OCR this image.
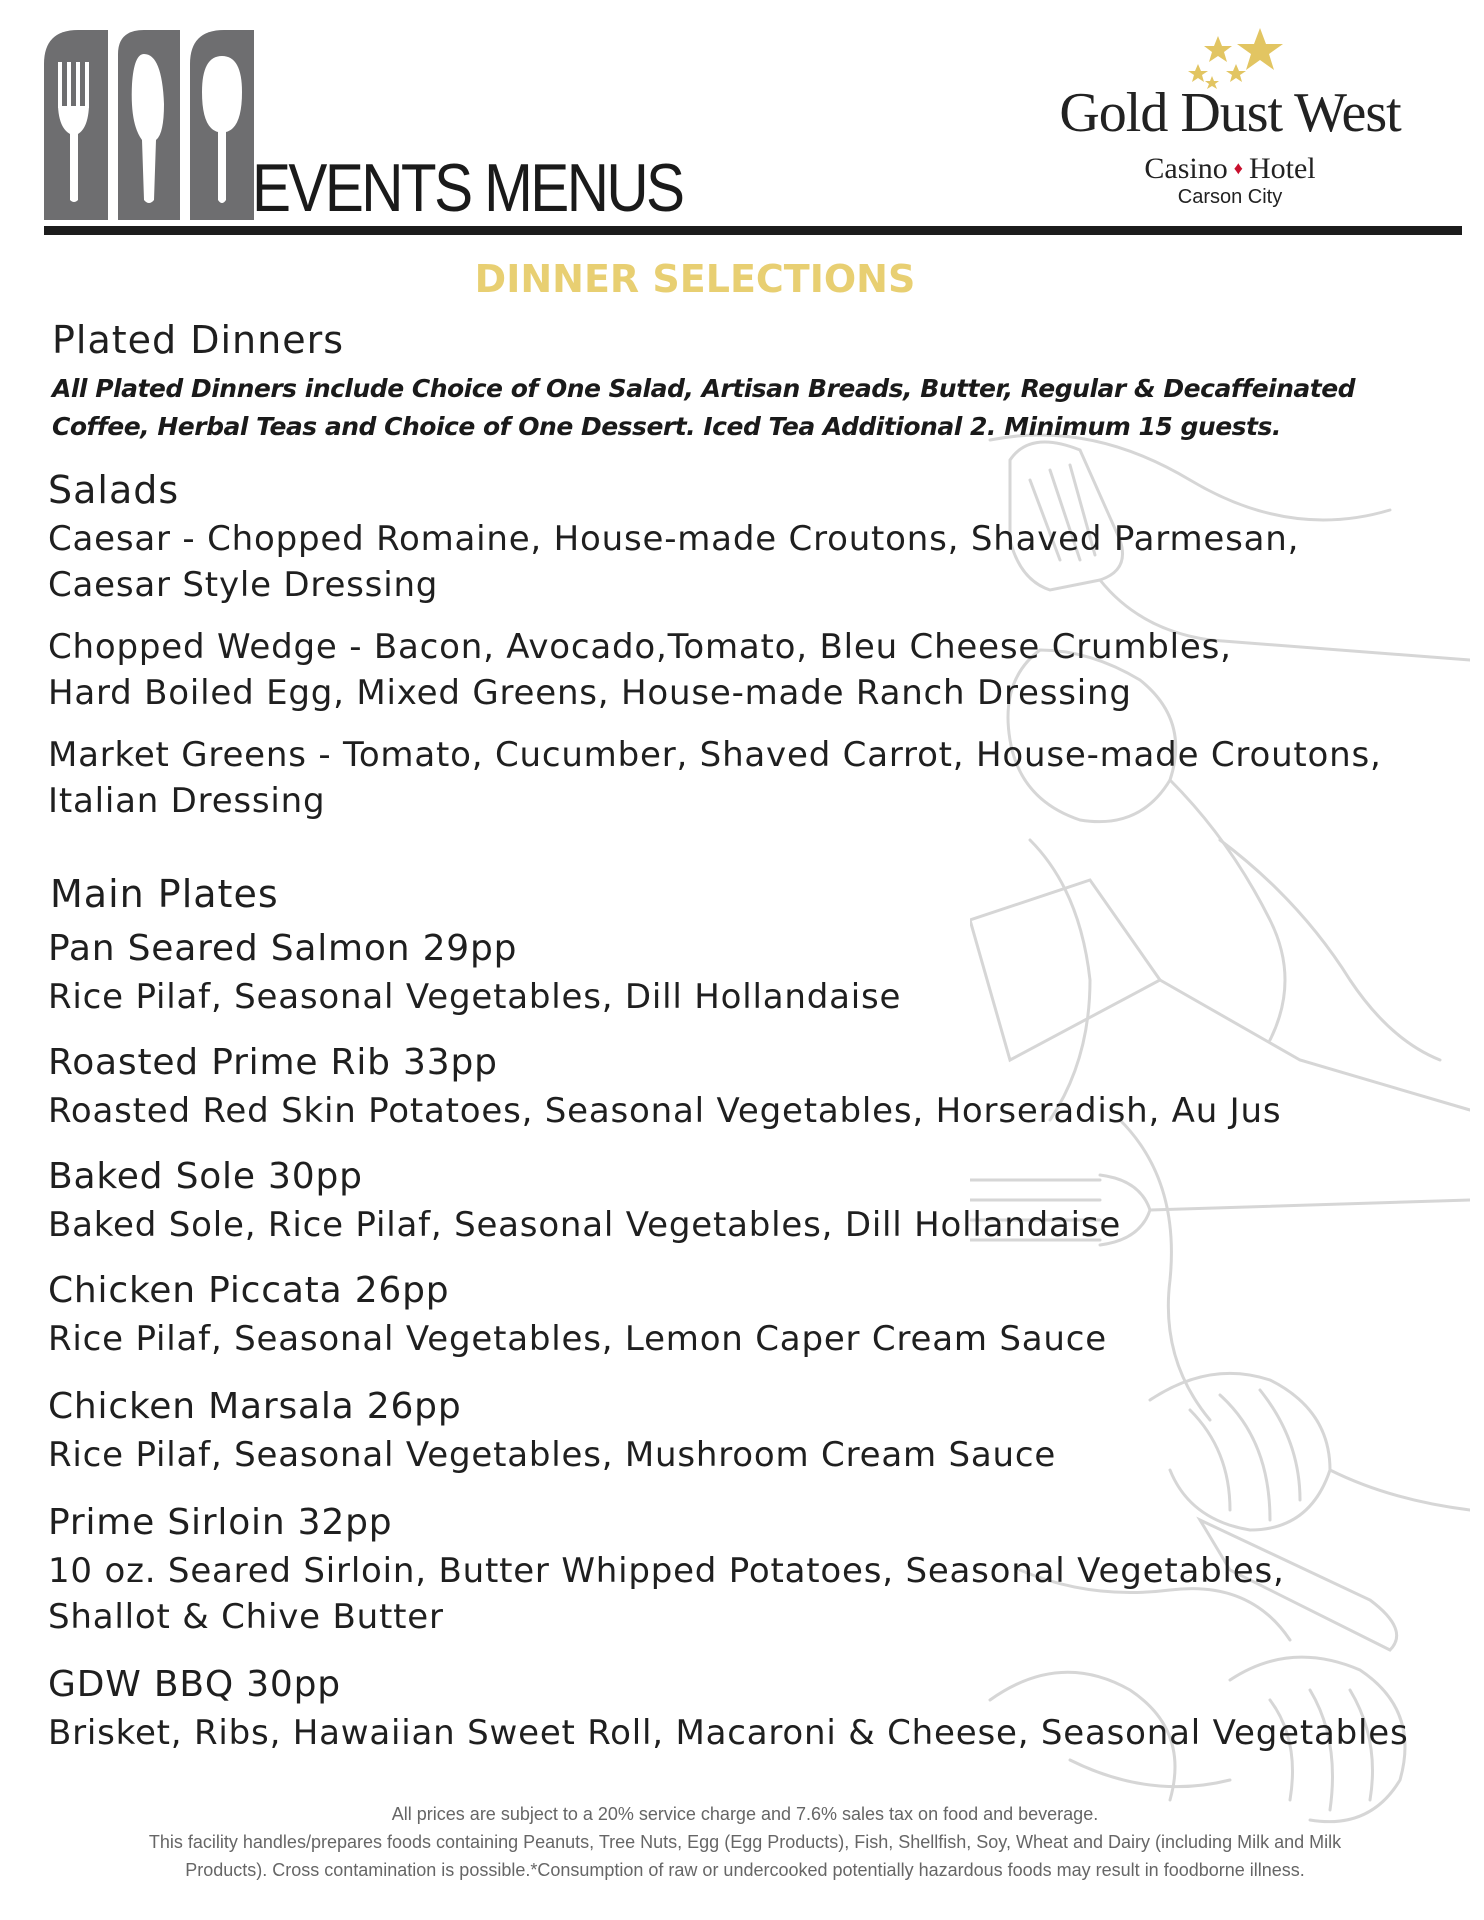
EVENTS MENUS
Gold Dust West
Casino ♦ Hotel
Carson City
DINNER SELECTIONS
Plated Dinners
All Plated Dinners include Choice of One Salad, Artisan Breads, Butter, Regular & Decaffeinated Coffee, Herbal Teas and Choice of One Dessert. Iced Tea Additional 2. Minimum 15 guests.
Salads
Caesar - Chopped Romaine, House-made Croutons, Shaved Parmesan,
Caesar Style Dressing
Chopped Wedge - Bacon, Avocado,Tomato, Bleu Cheese Crumbles,
Hard Boiled Egg, Mixed Greens, House-made Ranch Dressing
Market Greens - Tomato, Cucumber, Shaved Carrot, House-made Croutons,
Italian Dressing
Main Plates
Pan Seared Salmon 29pp
Rice Pilaf, Seasonal Vegetables, Dill Hollandaise
Roasted Prime Rib 33pp
Roasted Red Skin Potatoes, Seasonal Vegetables, Horseradish, Au Jus
Baked Sole 30pp
Baked Sole, Rice Pilaf, Seasonal Vegetables, Dill Hollandaise
Chicken Piccata 26pp
Rice Pilaf, Seasonal Vegetables, Lemon Caper Cream Sauce
Chicken Marsala 26pp
Rice Pilaf, Seasonal Vegetables, Mushroom Cream Sauce
Prime Sirloin 32pp
10 oz. Seared Sirloin, Butter Whipped Potatoes, Seasonal Vegetables,
Shallot & Chive Butter
GDW BBQ 30pp
Brisket, Ribs, Hawaiian Sweet Roll, Macaroni & Cheese, Seasonal Vegetables
All prices are subject to a 20% service charge and 7.6% sales tax on food and beverage.
This facility handles/prepares foods containing Peanuts, Tree Nuts, Egg (Egg Products), Fish, Shellfish, Soy, Wheat and Dairy (including Milk and Milk
Products). Cross contamination is possible.*Consumption of raw or undercooked potentially hazardous foods may result in foodborne illness.
